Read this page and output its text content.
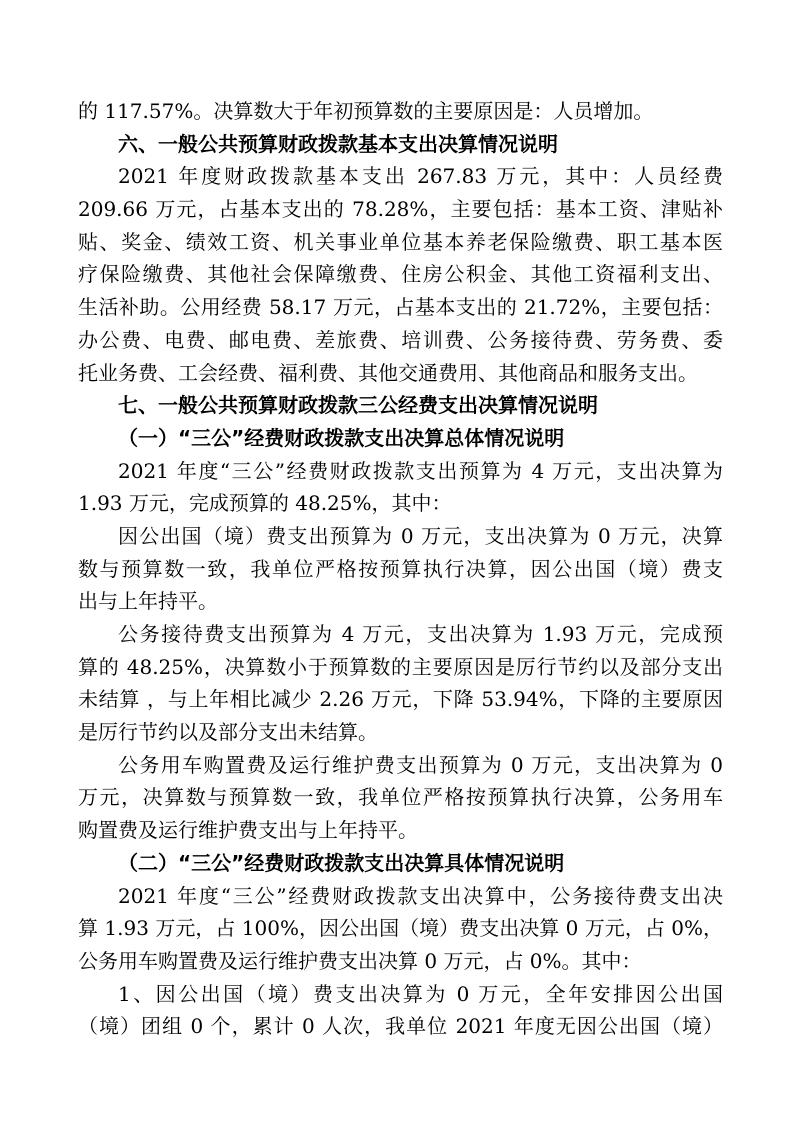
的 117.57%。决算数大于年初预算数的主要原因是：人员增加。
六、一般公共预算财政拨款基本支出决算情况说明
2021 年度财政拨款基本支出 267.83 万元，其中：人员经费
209.66 万元，占基本支出的 78.28%，主要包括：基本工资、津贴补
贴、奖金、绩效工资、机关事业单位基本养老保险缴费、职工基本医
疗保险缴费、其他社会保障缴费、住房公积金、其他工资福利支出、
生活补助。公用经费 58.17 万元，占基本支出的 21.72%，主要包括：
办公费、电费、邮电费、差旅费、培训费、公务接待费、劳务费、委
托业务费、工会经费、福利费、其他交通费用、其他商品和服务支出。
七、一般公共预算财政拨款三公经费支出决算情况说明
（一）“三公”经费财政拨款支出决算总体情况说明
2021 年度“三公”经费财政拨款支出预算为 4 万元，支出决算为
1.93 万元，完成预算的 48.25%，其中：
因公出国（境）费支出预算为 0 万元，支出决算为 0 万元，决算
数与预算数一致，我单位严格按预算执行决算，因公出国（境）费支
出与上年持平。
公务接待费支出预算为 4 万元，支出决算为 1.93 万元，完成预
算的 48.25%，决算数小于预算数的主要原因是厉行节约以及部分支出
未结算 ，与上年相比减少 2.26 万元，下降 53.94%，下降的主要原因
是厉行节约以及部分支出未结算。
公务用车购置费及运行维护费支出预算为 0 万元，支出决算为 0
万元，决算数与预算数一致，我单位严格按预算执行决算，公务用车
购置费及运行维护费支出与上年持平。
（二）“三公”经费财政拨款支出决算具体情况说明
2021 年度“三公”经费财政拨款支出决算中，公务接待费支出决
算 1.93 万元，占 100%，因公出国（境）费支出决算 0 万元，占 0%，
公务用车购置费及运行维护费支出决算 0 万元，占 0%。其中：
1、因公出国（境）费支出决算为 0 万元，全年安排因公出国
（境）团组 0 个，累计 0 人次，我单位 2021 年度无因公出国（境）
